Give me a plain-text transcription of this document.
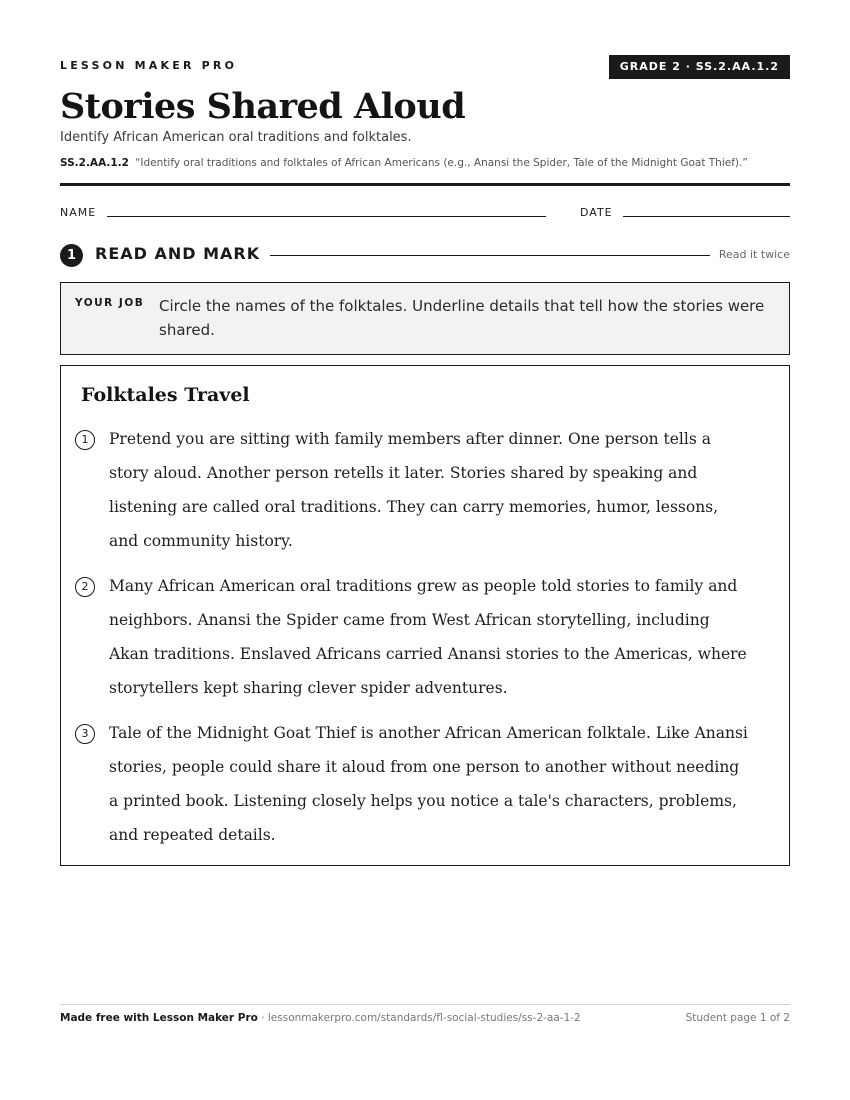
LESSON MAKER PRO	GRADE 2 · SS.2.AA.1.2
Stories Shared Aloud
Identify African American oral traditions and folktales.
SS.2.AA.1.2 “Identify oral traditions and folktales of African Americans (e.g., Anansi the Spider, Tale of the Midnight Goat Thief).”
NAME	DATE
1	READ AND MARK	Read it twice
YOUR JOB Circle the names of the folktales. Underline details that tell how the stories were shared.
Folktales Travel
1	Pretend you are sitting with family members after dinner. One person tells a story aloud. Another person retells it later. Stories shared by speaking and listening are called oral traditions. They can carry memories, humor, lessons, and community history.
2	Many African American oral traditions grew as people told stories to family and neighbors. Anansi the Spider came from West African storytelling, including Akan traditions. Enslaved Africans carried Anansi stories to the Americas, where storytellers kept sharing clever spider adventures.
3	Tale of the Midnight Goat Thief is another African American folktale. Like Anansi stories, people could share it aloud from one person to another without needing a printed book. Listening closely helps you notice a tale's characters, problems, and repeated details.
Made free with Lesson Maker Pro · lessonmakerpro.com/standards/fl-social-studies/ss-2-aa-1-2	Student page 1 of 2
